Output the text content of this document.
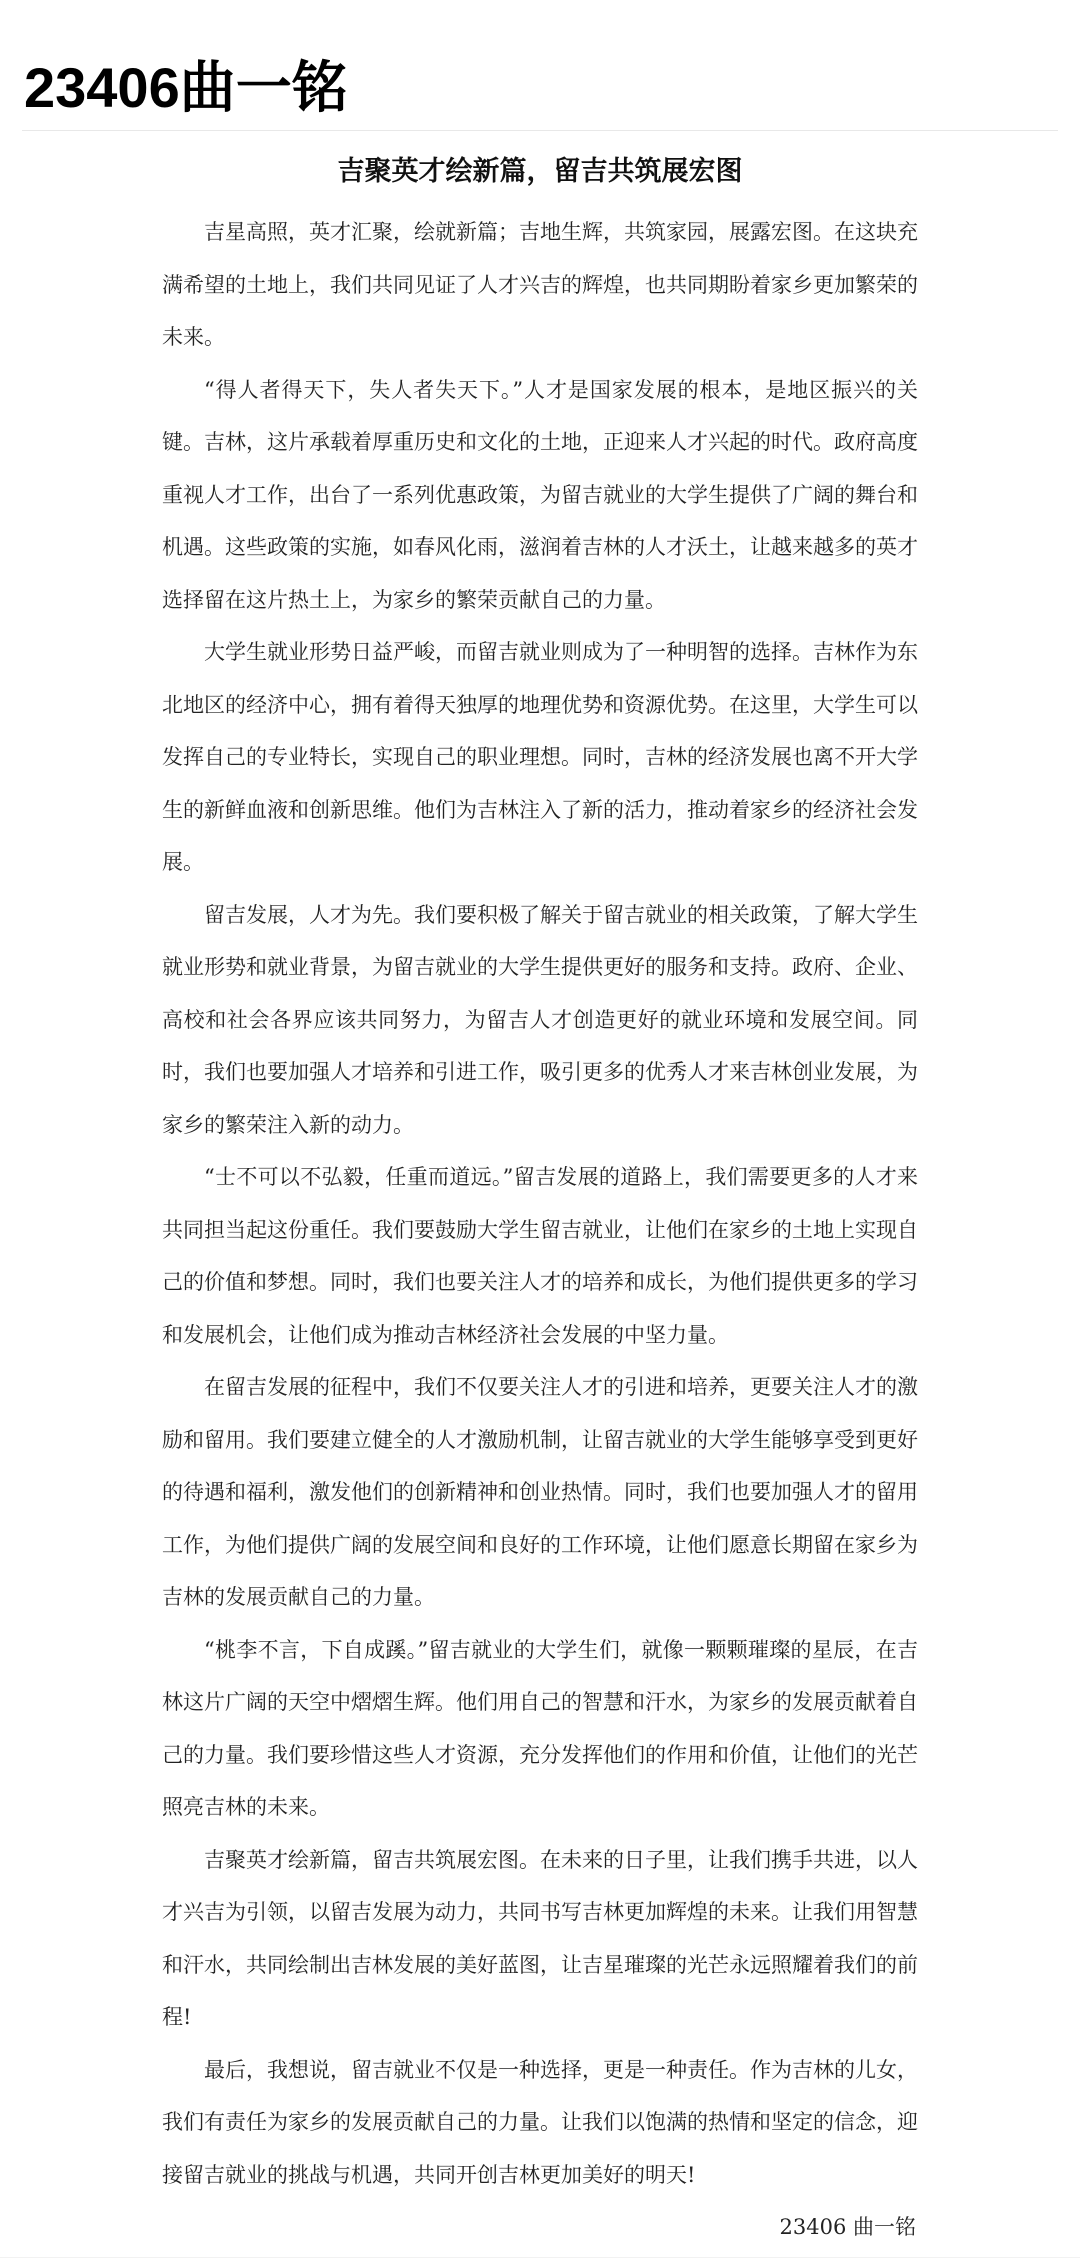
23406曲一铭
吉聚英才绘新篇，留吉共筑展宏图

吉星高照，英才汇聚，绘就新篇；吉地生辉，共筑家园，展露宏图。在这块充满希望的土地上，我们共同见证了人才兴吉的辉煌，也共同期盼着家乡更加繁荣的未来。

“得人者得天下，失人者失天下。”人才是国家发展的根本，是地区振兴的关键。吉林，这片承载着厚重历史和文化的土地，正迎来人才兴起的时代。政府高度重视人才工作，出台了一系列优惠政策，为留吉就业的大学生提供了广阔的舞台和机遇。这些政策的实施，如春风化雨，滋润着吉林的人才沃土，让越来越多的英才选择留在这片热土上，为家乡的繁荣贡献自己的力量。

大学生就业形势日益严峻，而留吉就业则成为了一种明智的选择。吉林作为东北地区的经济中心，拥有着得天独厚的地理优势和资源优势。在这里，大学生可以发挥自己的专业特长，实现自己的职业理想。同时，吉林的经济发展也离不开大学生的新鲜血液和创新思维。他们为吉林注入了新的活力，推动着家乡的经济社会发展。

留吉发展，人才为先。我们要积极了解关于留吉就业的相关政策，了解大学生就业形势和就业背景，为留吉就业的大学生提供更好的服务和支持。政府、企业、高校和社会各界应该共同努力，为留吉人才创造更好的就业环境和发展空间。同时，我们也要加强人才培养和引进工作，吸引更多的优秀人才来吉林创业发展，为家乡的繁荣注入新的动力。

“士不可以不弘毅，任重而道远。”留吉发展的道路上，我们需要更多的人才来共同担当起这份重任。我们要鼓励大学生留吉就业，让他们在家乡的土地上实现自己的价值和梦想。同时，我们也要关注人才的培养和成长，为他们提供更多的学习和发展机会，让他们成为推动吉林经济社会发展的中坚力量。

在留吉发展的征程中，我们不仅要关注人才的引进和培养，更要关注人才的激励和留用。我们要建立健全的人才激励机制，让留吉就业的大学生能够享受到更好的待遇和福利，激发他们的创新精神和创业热情。同时，我们也要加强人才的留用工作，为他们提供广阔的发展空间和良好的工作环境，让他们愿意长期留在家乡为吉林的发展贡献自己的力量。

“桃李不言，下自成蹊。”留吉就业的大学生们，就像一颗颗璀璨的星辰，在吉林这片广阔的天空中熠熠生辉。他们用自己的智慧和汗水，为家乡的发展贡献着自己的力量。我们要珍惜这些人才资源，充分发挥他们的作用和价值，让他们的光芒照亮吉林的未来。

吉聚英才绘新篇，留吉共筑展宏图。在未来的日子里，让我们携手共进，以人才兴吉为引领，以留吉发展为动力，共同书写吉林更加辉煌的未来。让我们用智慧和汗水，共同绘制出吉林发展的美好蓝图，让吉星璀璨的光芒永远照耀着我们的前程!

最后，我想说，留吉就业不仅是一种选择，更是一种责任。作为吉林的儿女，我们有责任为家乡的发展贡献自己的力量。让我们以饱满的热情和坚定的信念，迎接留吉就业的挑战与机遇，共同开创吉林更加美好的明天!

23406 曲一铭
